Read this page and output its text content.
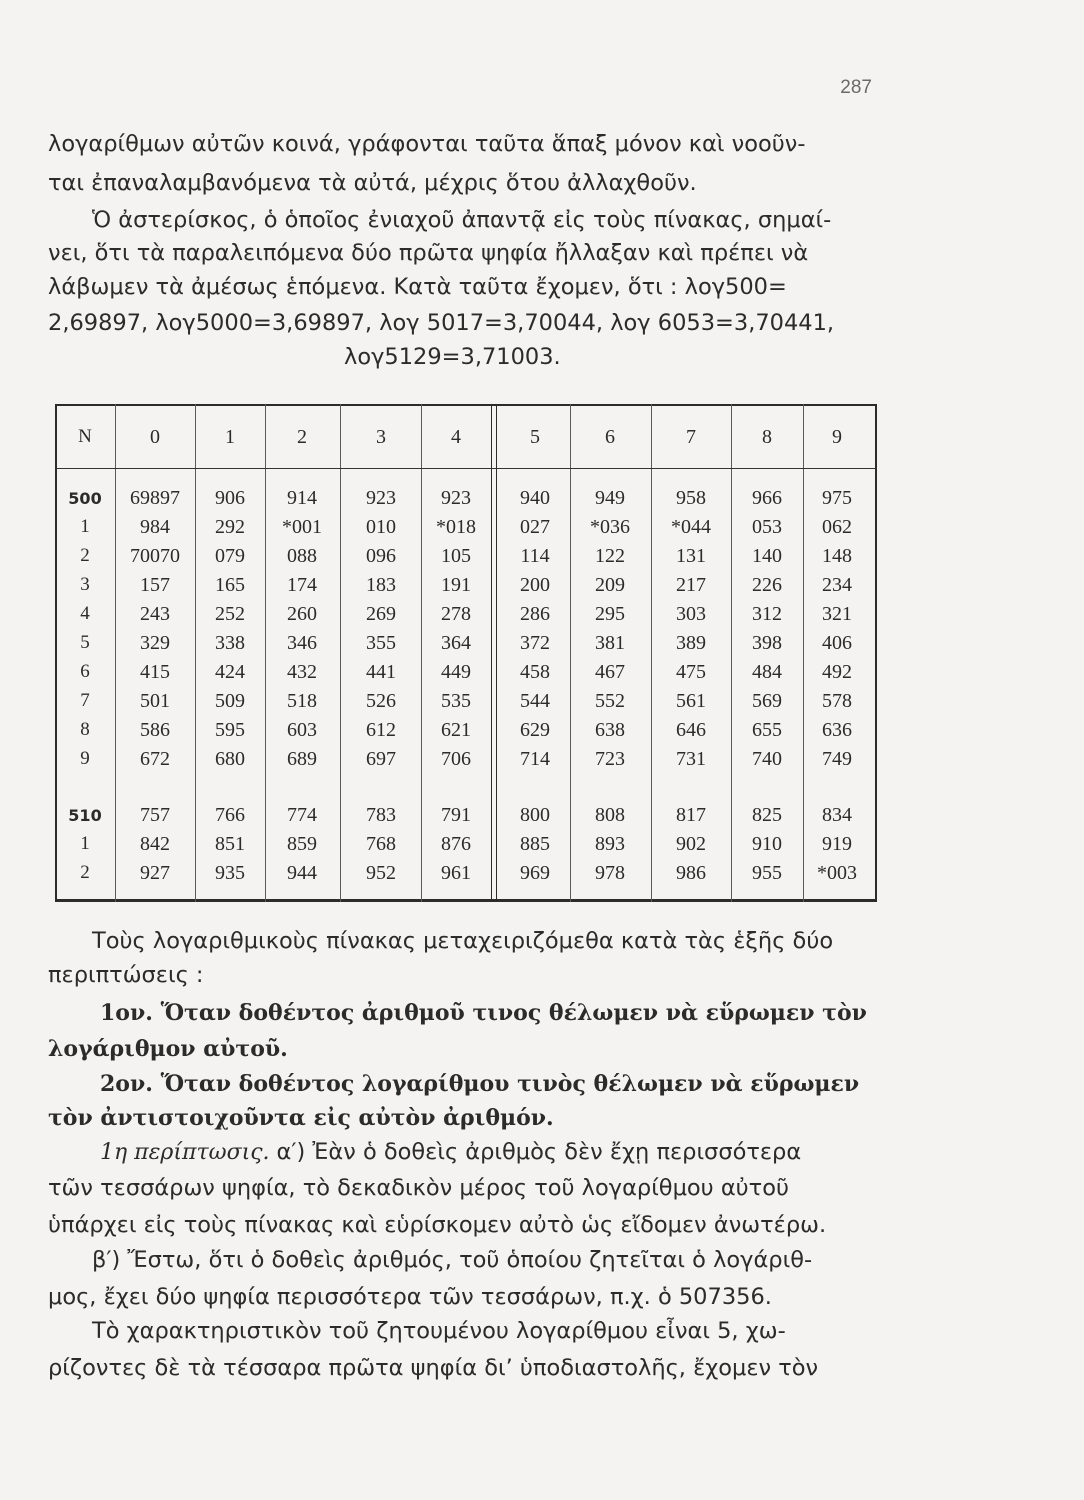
287
λογαρίθμων αὐτῶν κοινά, γράφονται ταῦτα ἅπαξ μόνον καὶ νοοῦν-
ται ἐπαναλαμβανόμενα τὰ αὐτά, μέχρις ὅτου ἀλλαχθοῦν.
Ὁ ἀστερίσκος, ὁ ὁποῖος ἐνιαχοῦ ἀπαντᾷ εἰς τοὺς πίνακας, σημαί-
νει, ὅτι τὰ παραλειπόμενα δύο πρῶτα ψηφία ἤλλαξαν καὶ πρέπει νὰ
λάβωμεν τὰ ἀμέσως ἑπόμενα. Κατὰ ταῦτα ἔχομεν, ὅτι : λογ500=
2,69897, λογ5000=3,69897, λογ 5017=3,70044, λογ 6053=3,70441,
λογ5129=3,71003.
N	0	1	2	3	4	5	6	7	8	9
500	69897	906	914	923	923	940	949	958	966	975
1	984	292	*001	010	*018	027	*036	*044	053	062
2	70070	079	088	096	105	114	122	131	140	148
3	157	165	174	183	191	200	209	217	226	234
4	243	252	260	269	278	286	295	303	312	321
5	329	338	346	355	364	372	381	389	398	406
6	415	424	432	441	449	458	467	475	484	492
7	501	509	518	526	535	544	552	561	569	578
8	586	595	603	612	621	629	638	646	655	636
9	672	680	689	697	706	714	723	731	740	749
510	757	766	774	783	791	800	808	817	825	834
1	842	851	859	768	876	885	893	902	910	919
2	927	935	944	952	961	969	978	986	955	*003
Τοὺς λογαριθμικοὺς πίνακας μεταχειριζόμεθα κατὰ τὰς ἑξῆς δύο
περιπτώσεις :
1ον. Ὅταν δοθέντος ἀριθμοῦ τινος θέλωμεν νὰ εὕρωμεν τὸν
λογάριθμον αὐτοῦ.
2ον. Ὅταν δοθέντος λογαρίθμου τινὸς θέλωμεν νὰ εὕρωμεν
τὸν ἀντιστοιχοῦντα εἰς αὐτὸν ἀριθμόν.
1η περίπτωσις. α′) Ἐὰν ὁ δοθεὶς ἀριθμὸς δὲν ἔχῃ περισσότερα
τῶν τεσσάρων ψηφία, τὸ δεκαδικὸν μέρος τοῦ λογαρίθμου αὐτοῦ
ὑπάρχει εἰς τοὺς πίνακας καὶ εὑρίσκομεν αὐτὸ ὡς εἴδομεν ἀνωτέρω.
β′) Ἔστω, ὅτι ὁ δοθεὶς ἀριθμός, τοῦ ὁποίου ζητεῖται ὁ λογάριθ-
μος, ἔχει δύο ψηφία περισσότερα τῶν τεσσάρων, π.χ. ὁ 507356.
Τὸ χαρακτηριστικὸν τοῦ ζητουμένου λογαρίθμου εἶναι 5, χω-
ρίζοντες δὲ τὰ τέσσαρα πρῶτα ψηφία δι’ ὑποδιαστολῆς, ἔχομεν τὸν
